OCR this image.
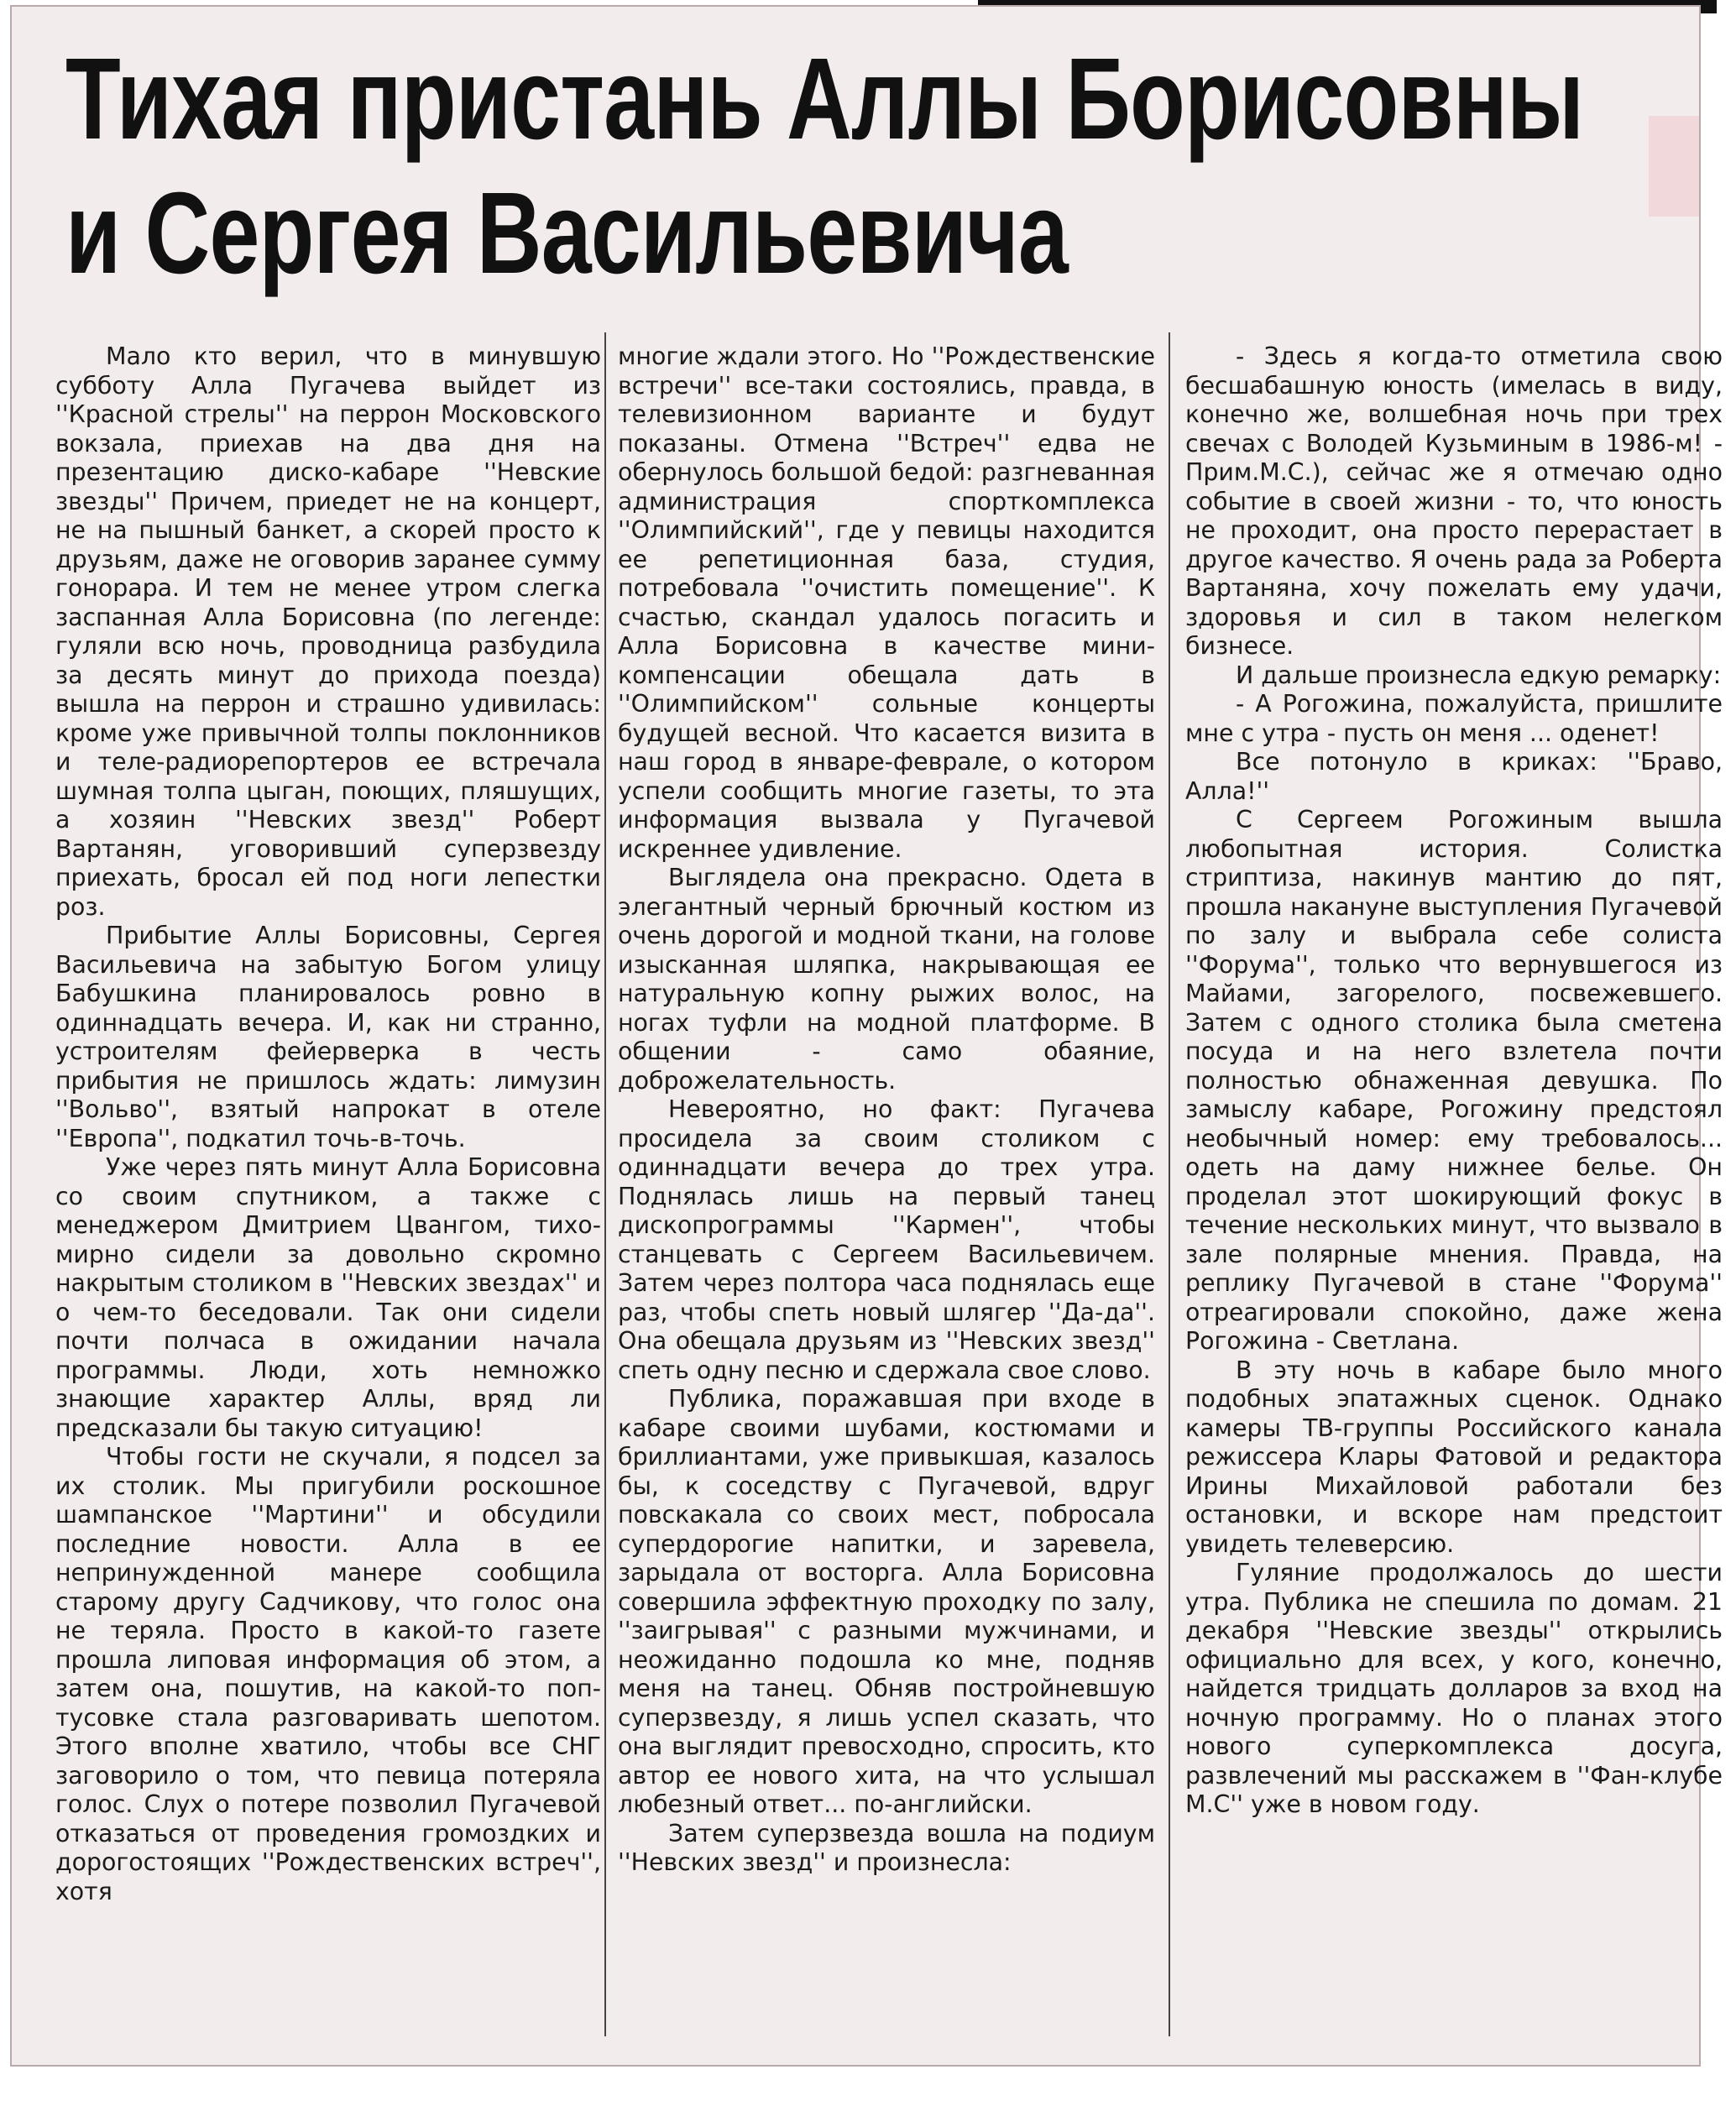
Тихая пристань Аллы Борисовны
и Сергея Васильевича

Мало кто верил, что в минувшую субботу Алла Пугачева выйдет из ''Красной стрелы'' на перрон Московского вокзала, приехав на два дня на презентацию диско-кабаре ''Невские звезды'' Причем, приедет не на концерт, не на пышный банкет, а скорей просто к друзьям, даже не оговорив заранее сумму гонорара. И тем не менее утром слегка заспанная Алла Борисовна (по легенде: гуляли всю ночь, проводница разбудила за десять минут до прихода поезда) вышла на перрон и страшно удивилась: кроме уже привычной толпы поклонников и теле-радиорепортеров ее встречала шумная толпа цыган, поющих, пляшущих, а хозяин ''Невских звезд'' Роберт Вартанян, уговоривший суперзвезду приехать, бросал ей под ноги лепестки роз.

Прибытие Аллы Борисовны, Сергея Васильевича на забытую Богом улицу Бабушкина планировалось ровно в одиннадцать вечера. И, как ни странно, устроителям фейерверка в честь прибытия не пришлось ждать: лимузин ''Вольво'', взятый напрокат в отеле ''Европа'', подкатил точь-в-точь.

Уже через пять минут Алла Борисовна со своим спутником, а также с менеджером Дмитрием Цвангом, тихо-мирно сидели за довольно скромно накрытым столиком в ''Невских звездах'' и о чем-то беседовали. Так они сидели почти полчаса в ожидании начала программы. Люди, хоть немножко знающие характер Аллы, вряд ли предсказали бы такую ситуацию!

Чтобы гости не скучали, я подсел за их столик. Мы пригубили роскошное шампанское ''Мартини'' и обсудили последние новости. Алла в ее непринужденной манере сообщила старому другу Садчикову, что голос она не теряла. Просто в какой-то газете прошла липовая информация об этом, а затем она, пошутив, на какой-то поп-тусовке стала разговаривать шепотом. Этого вполне хватило, чтобы все СНГ заговорило о том, что певица потеряла голос. Слух о потере позволил Пугачевой отказаться от проведения громоздких и дорогостоящих ''Рождественских встреч'', хотя

многие ждали этого. Но ''Рождественские встречи'' все-таки состоялись, правда, в телевизионном варианте и будут показаны. Отмена ''Встреч'' едва не обернулось большой бедой: разгневанная администрация спорткомплекса ''Олимпийский'', где у певицы находится ее репетиционная база, студия, потребовала ''очистить помещение''. К счастью, скандал удалось погасить и Алла Борисовна в качестве мини-компенсации обещала дать в ''Олимпийском'' сольные концерты будущей весной. Что касается визита в наш город в январе-феврале, о котором успели сообщить многие газеты, то эта информация вызвала у Пугачевой искреннее удивление.

Выглядела она прекрасно. Одета в элегантный черный брючный костюм из очень дорогой и модной ткани, на голове изысканная шляпка, накрывающая ее натуральную копну рыжих волос, на ногах туфли на модной платформе. В общении - само обаяние, доброжелательность.

Невероятно, но факт: Пугачева просидела за своим столиком с одиннадцати вечера до трех утра. Поднялась лишь на первый танец дископрограммы ''Кармен'', чтобы станцевать с Сергеем Васильевичем. Затем через полтора часа поднялась еще раз, чтобы спеть новый шлягер ''Да-да''. Она обещала друзьям из ''Невских звезд'' спеть одну песню и сдержала свое слово.

Публика, поражавшая при входе в кабаре своими шубами, костюмами и бриллиантами, уже привыкшая, казалось бы, к соседству с Пугачевой, вдруг повскакала со своих мест, побросала супердорогие напитки, и заревела, зарыдала от восторга. Алла Борисовна совершила эффектную проходку по залу, ''заигрывая'' с разными мужчинами, и неожиданно подошла ко мне, подняв меня на танец. Обняв постройневшую суперзвезду, я лишь успел сказать, что она выглядит превосходно, спросить, кто автор ее нового хита, на что услышал любезный ответ... по-английски.

Затем суперзвезда вошла на подиум ''Невских звезд'' и произнесла:

- Здесь я когда-то отметила свою бесшабашную юность (имелась в виду, конечно же, волшебная ночь при трех свечах с Володей Кузьминым в 1986-м! - Прим.М.С.), сейчас же я отмечаю одно событие в своей жизни - то, что юность не проходит, она просто перерастает в другое качество. Я очень рада за Роберта Вартаняна, хочу пожелать ему удачи, здоровья и сил в таком нелегком бизнесе.

И дальше произнесла едкую ремарку:

- А Рогожина, пожалуйста, пришлите мне с утра - пусть он меня ... оденет!

Все потонуло в криках: ''Браво, Алла!''

С Сергеем Рогожиным вышла любопытная история. Солистка стриптиза, накинув мантию до пят, прошла накануне выступления Пугачевой по залу и выбрала себе солиста ''Форума'', только что вернувшегося из Майами, загорелого, посвежевшего. Затем с одного столика была сметена посуда и на него взлетела почти полностью обнаженная девушка. По замыслу кабаре, Рогожину предстоял необычный номер: ему требовалось... одеть на даму нижнее белье. Он проделал этот шокирующий фокус в течение нескольких минут, что вызвало в зале полярные мнения. Правда, на реплику Пугачевой в стане ''Форума'' отреагировали спокойно, даже жена Рогожина - Светлана.

В эту ночь в кабаре было много подобных эпатажных сценок. Однако камеры ТВ-группы Российского канала режиссера Клары Фатовой и редактора Ирины Михайловой работали без остановки, и вскоре нам предстоит увидеть телеверсию.

Гуляние продолжалось до шести утра. Публика не спешила по домам. 21 декабря ''Невские звезды'' открылись официально для всех, у кого, конечно, найдется тридцать долларов за вход на ночную программу. Но о планах этого нового суперкомплекса досуга, развлечений мы расскажем в ''Фан-клубе М.С'' уже в новом году.
